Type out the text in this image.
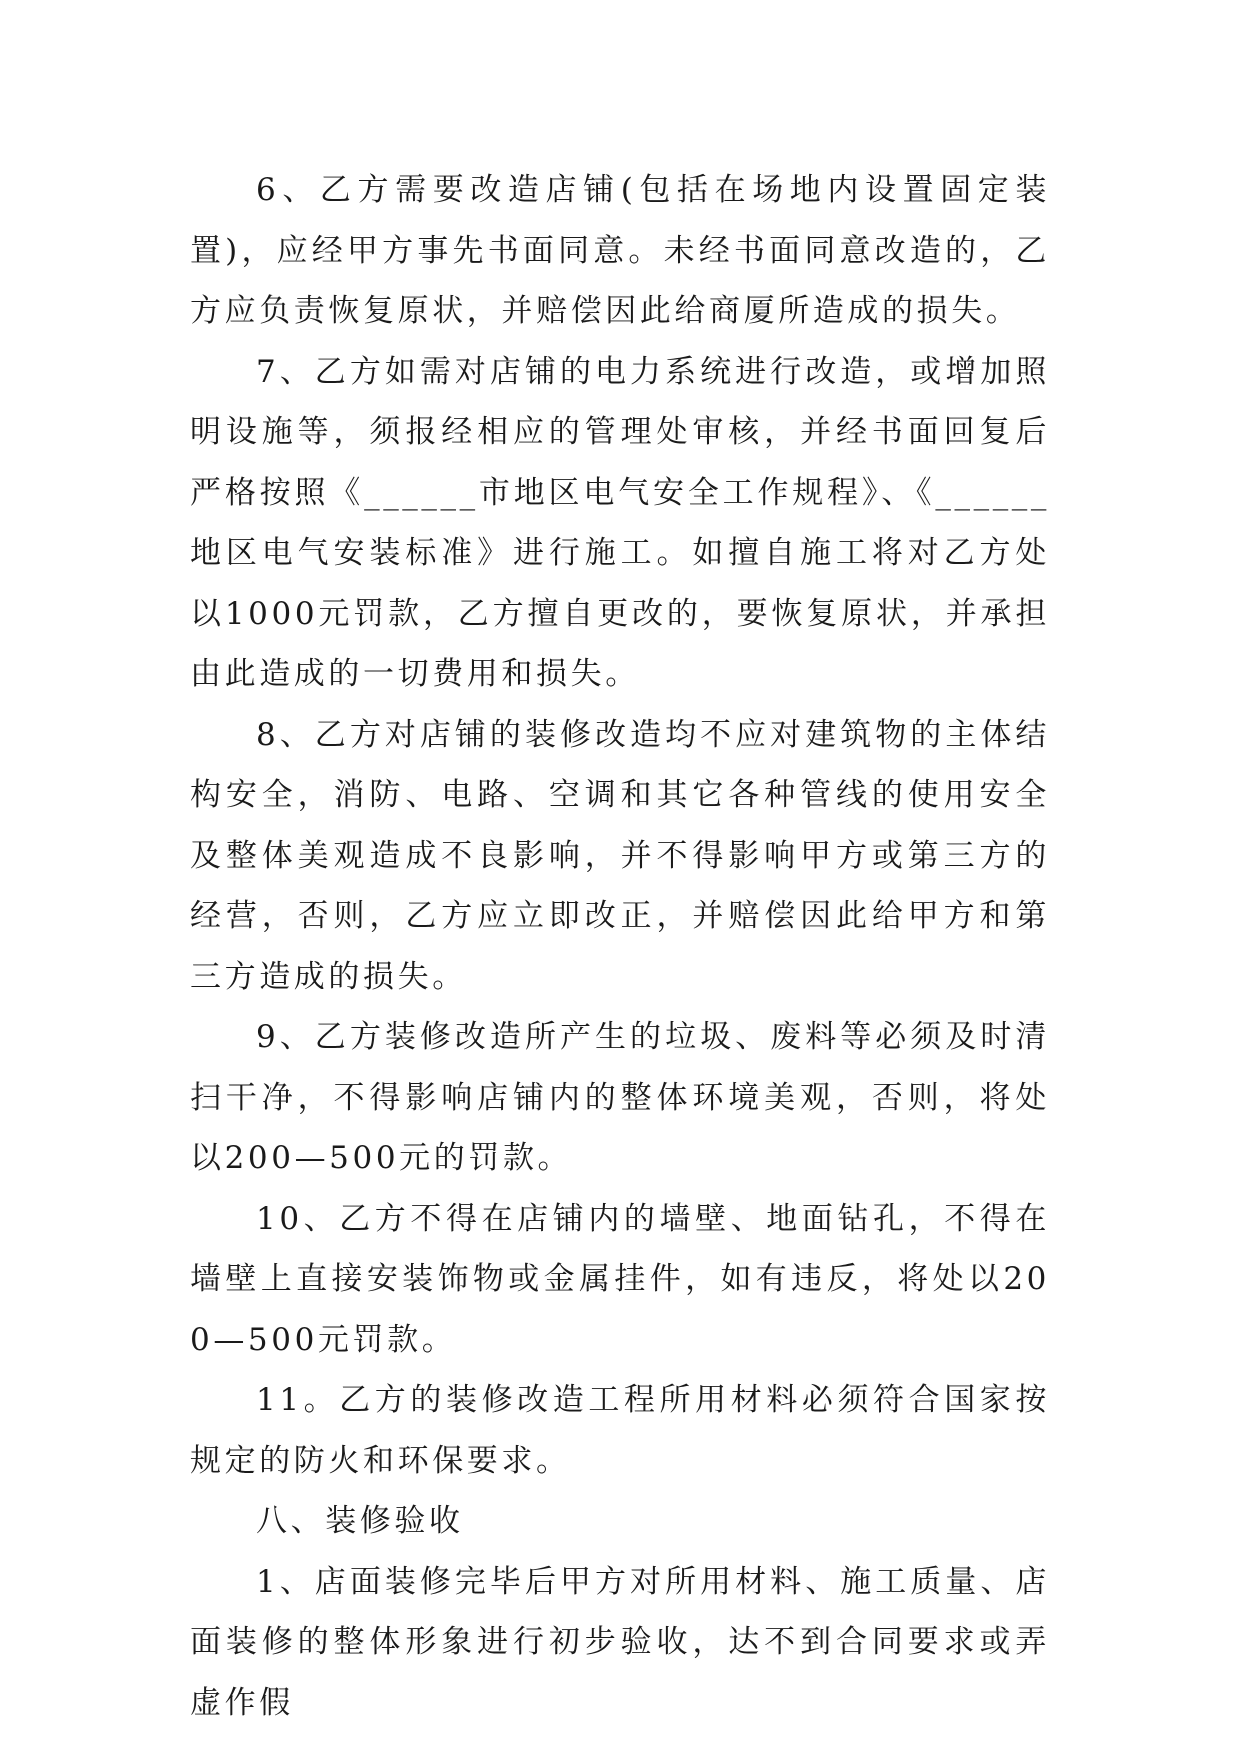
6、乙方需要改造店铺(包括在场地内设置固定装置)，应经甲方事先书面同意。未经书面同意改造的，乙方应负责恢复原状，并赔偿因此给商厦所造成的损失。

7、乙方如需对店铺的电力系统进行改造，或增加照明设施等，须报经相应的管理处审核，并经书面回复后严格按照《______市地区电气安全工作规程》、《______地区电气安装标准》进行施工。如擅自施工将对乙方处以1000元罚款，乙方擅自更改的，要恢复原状，并承担由此造成的一切费用和损失。

8、乙方对店铺的装修改造均不应对建筑物的主体结构安全，消防、电路、空调和其它各种管线的使用安全及整体美观造成不良影响，并不得影响甲方或第三方的经营，否则，乙方应立即改正，并赔偿因此给甲方和第三方造成的损失。

9、乙方装修改造所产生的垃圾、废料等必须及时清扫干净，不得影响店铺内的整体环境美观，否则，将处以200—500元的罚款。

10、乙方不得在店铺内的墙壁、地面钻孔，不得在墙壁上直接安装饰物或金属挂件，如有违反，将处以200—500元罚款。

11。乙方的装修改造工程所用材料必须符合国家按规定的防火和环保要求。

八、装修验收

1、店面装修完毕后甲方对所用材料、施工质量、店面装修的整体形象进行初步验收，达不到合同要求或弄虚作假
